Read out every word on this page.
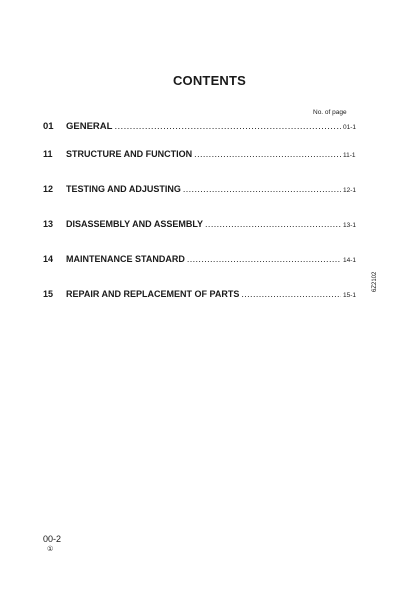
CONTENTS
No. of page
01	GENERAL .....	01-1
11	STRUCTURE AND FUNCTION .....	11-1
12	TESTING AND ADJUSTING .....	12-1
13	DISASSEMBLY AND ASSEMBLY .....	13-1
14	MAINTENANCE STANDARD .....	14-1
15	REPAIR AND REPLACEMENT OF PARTS .....	15-1
6Z2102
00-2
①
